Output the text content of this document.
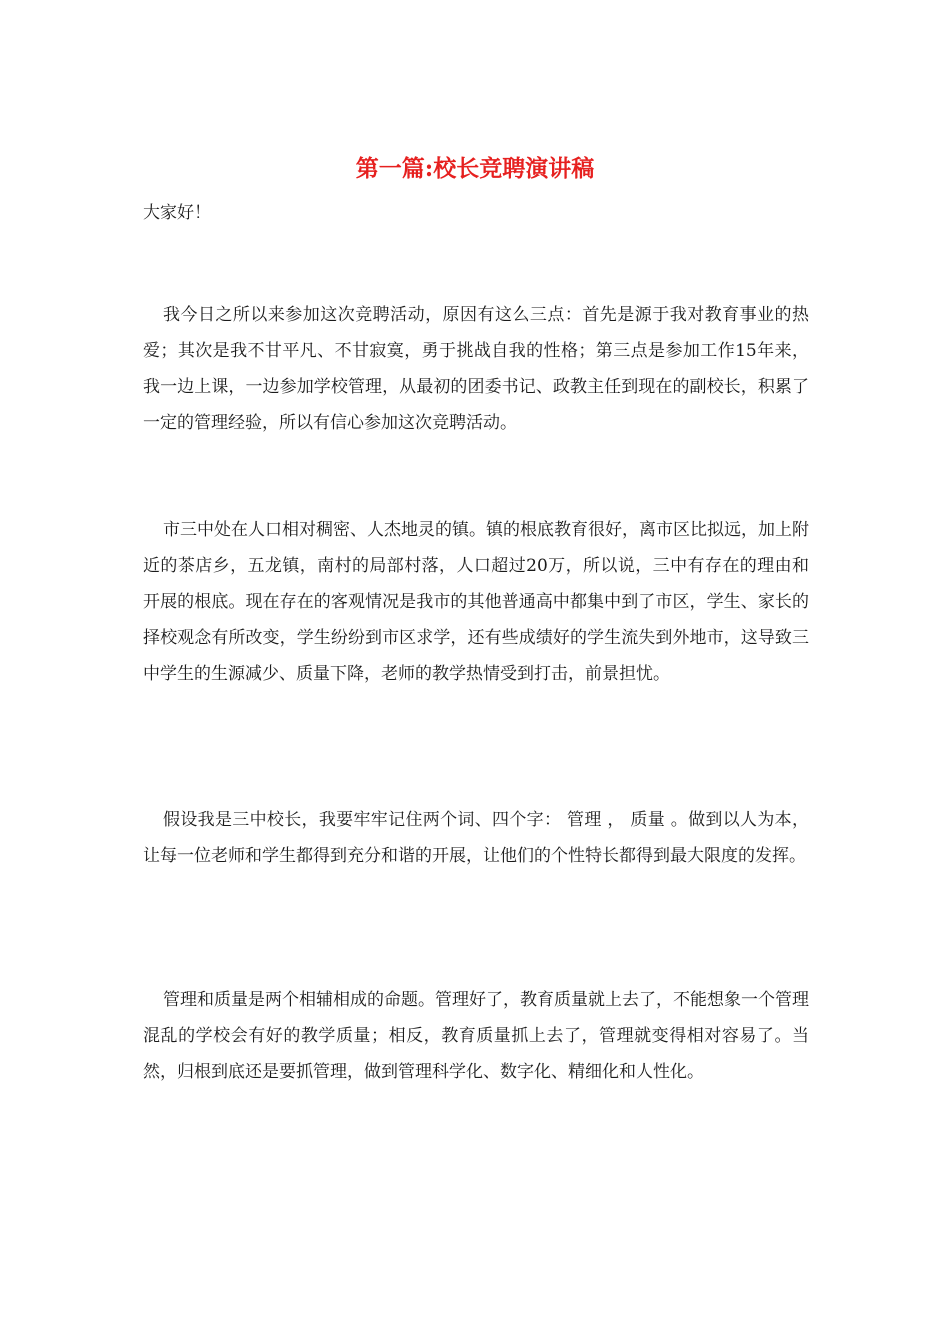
第一篇:校长竞聘演讲稿

大家好！

我今日之所以来参加这次竞聘活动，原因有这么三点：首先是源于我对教育事业的热爱；其次是我不甘平凡、不甘寂寞，勇于挑战自我的性格；第三点是参加工作15年来，我一边上课，一边参加学校管理，从最初的团委书记、政教主任到现在的副校长，积累了一定的管理经验，所以有信心参加这次竞聘活动。

市三中处在人口相对稠密、人杰地灵的镇。镇的根底教育很好，离市区比拟远，加上附近的茶店乡，五龙镇，南村的局部村落，人口超过20万，所以说，三中有存在的理由和开展的根底。现在存在的客观情况是我市的其他普通高中都集中到了市区，学生、家长的择校观念有所改变，学生纷纷到市区求学，还有些成绩好的学生流失到外地市，这导致三中学生的生源减少、质量下降，老师的教学热情受到打击，前景担忧。

假设我是三中校长，我要牢牢记住两个词、四个字： 管理 ， 质量 。做到以人为本，让每一位老师和学生都得到充分和谐的开展，让他们的个性特长都得到最大限度的发挥。

管理和质量是两个相辅相成的命题。管理好了，教育质量就上去了，不能想象一个管理混乱的学校会有好的教学质量；相反，教育质量抓上去了，管理就变得相对容易了。当然，归根到底还是要抓管理，做到管理科学化、数字化、精细化和人性化。
